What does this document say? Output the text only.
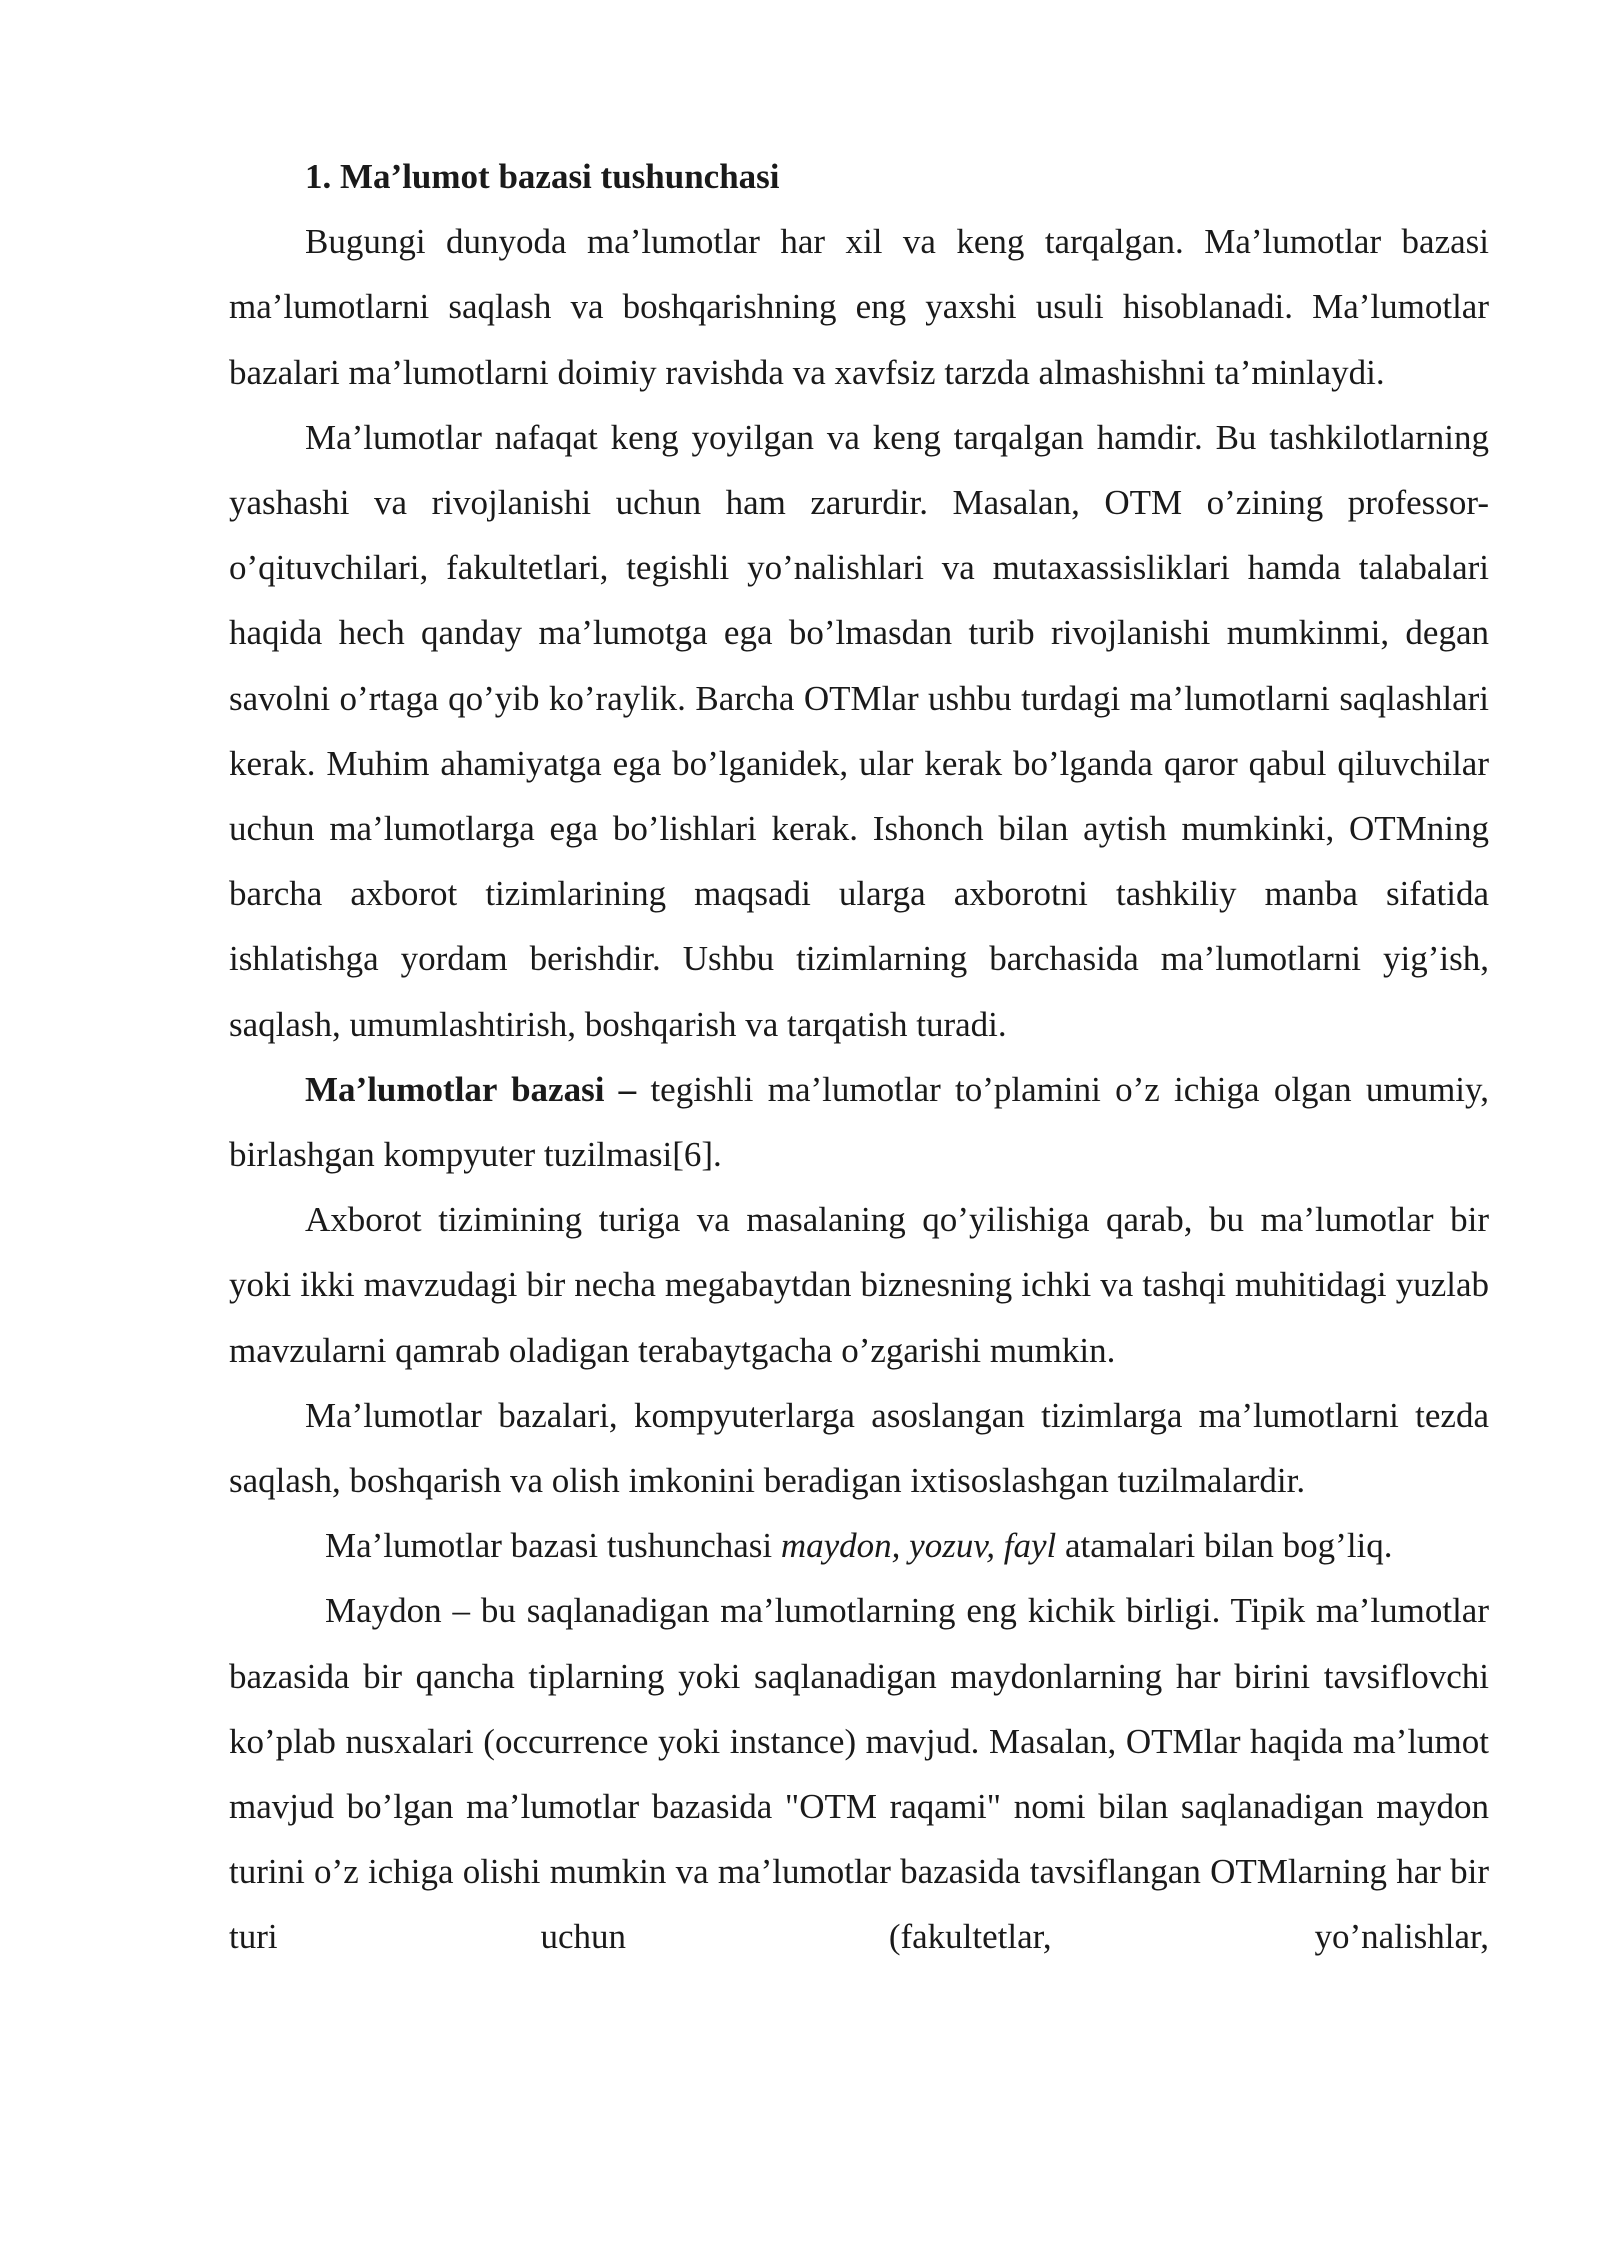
1. Ma’lumot bazasi tushunchasi

Bugungi dunyoda ma’lumotlar har xil va keng tarqalgan. Ma’lumotlar bazasi ma’lumotlarni saqlash va boshqarishning eng yaxshi usuli hisoblanadi. Ma’lumotlar bazalari ma’lumotlarni doimiy ravishda va xavfsiz tarzda almashishni ta’minlaydi.

Ma’lumotlar nafaqat keng yoyilgan va keng tarqalgan hamdir. Bu tashkilotlarning yashashi va rivojlanishi uchun ham zarurdir. Masalan, OTM o’zining professor-o’qituvchilari, fakultetlari, tegishli yo’nalishlari va mutaxassisliklari hamda talabalari haqida hech qanday ma’lumotga ega bo’lmasdan turib rivojlanishi mumkinmi, degan savolni o’rtaga qo’yib ko’raylik. Barcha OTMlar ushbu turdagi ma’lumotlarni saqlashlari kerak. Muhim ahamiyatga ega bo’lganidek, ular kerak bo’lganda qaror qabul qiluvchilar uchun ma’lumotlarga ega bo’lishlari kerak. Ishonch bilan aytish mumkinki, OTMning barcha axborot tizimlarining maqsadi ularga axborotni tashkiliy manba sifatida ishlatishga yordam berishdir. Ushbu tizimlarning barchasida ma’lumotlarni yig’ish, saqlash, umumlashtirish, boshqarish va tarqatish turadi.

Ma’lumotlar bazasi – tegishli ma’lumotlar to’plamini o’z ichiga olgan umumiy, birlashgan kompyuter tuzilmasi[6].

Axborot tizimining turiga va masalaning qo’yilishiga qarab, bu ma’lumotlar bir yoki ikki mavzudagi bir necha megabaytdan biznesning ichki va tashqi muhitidagi yuzlab mavzularni qamrab oladigan terabaytgacha o’zgarishi mumkin.

Ma’lumotlar bazalari, kompyuterlarga asoslangan tizimlarga ma’lumotlarni tezda saqlash, boshqarish va olish imkonini beradigan ixtisoslashgan tuzilmalardir.

Ma’lumotlar bazasi tushunchasi maydon, yozuv, fayl atamalari bilan bog’liq.

Maydon – bu saqlanadigan ma’lumotlarning eng kichik birligi. Tipik ma’lumotlar bazasida bir qancha tiplarning yoki saqlanadigan maydonlarning har birini tavsiflovchi ko’plab nusxalari (occurrence yoki instance) mavjud. Masalan, OTMlar haqida ma’lumot mavjud bo’lgan ma’lumotlar bazasida "OTM raqami" nomi bilan saqlanadigan maydon turini o’z ichiga olishi mumkin va ma’lumotlar bazasida tavsiflangan OTMlarning har bir turi uchun (fakultetlar, yo’nalishlar,
